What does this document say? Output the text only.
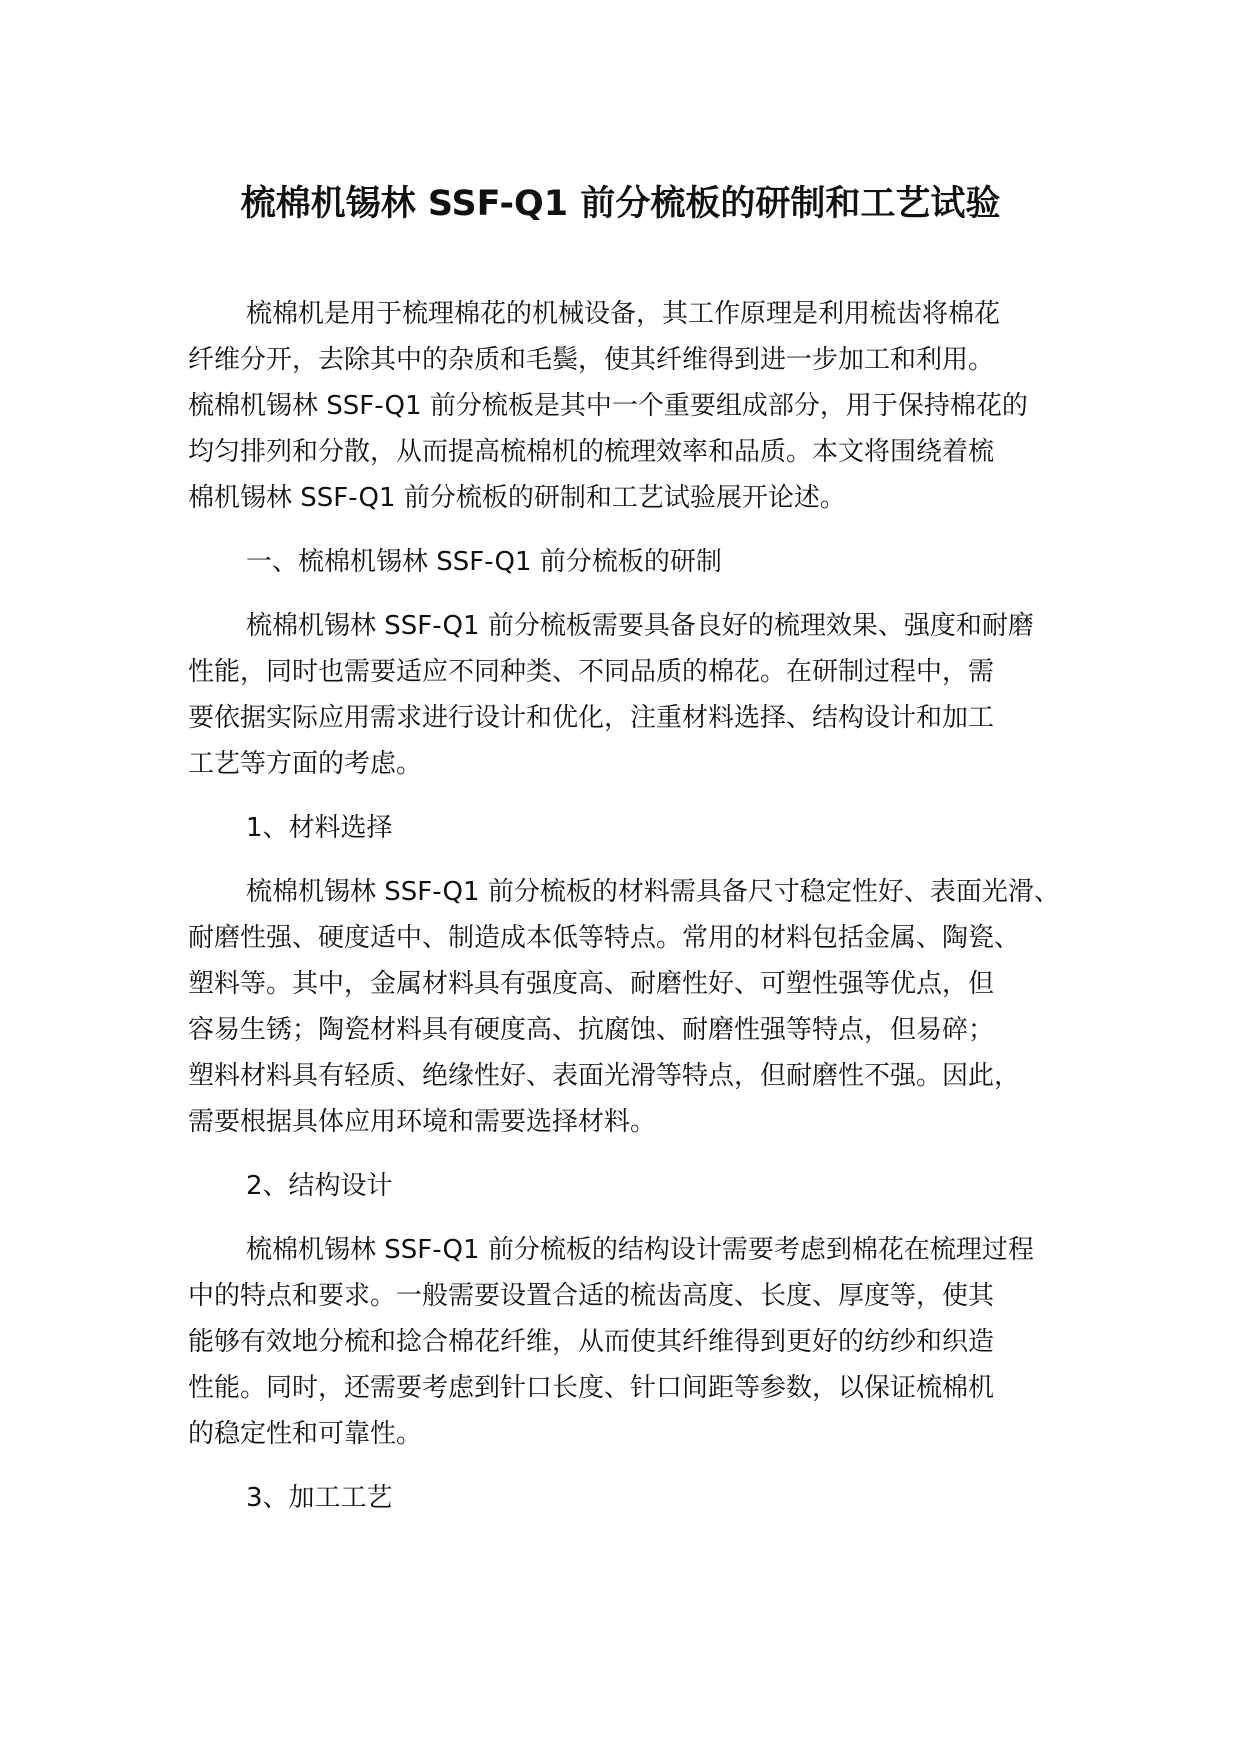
梳棉机锡林 SSF-Q1 前分梳板的研制和工艺试验
梳棉机是用于梳理棉花的机械设备，其工作原理是利用梳齿将棉花
纤维分开，去除其中的杂质和毛鬓，使其纤维得到进一步加工和利用。
梳棉机锡林 SSF-Q1 前分梳板是其中一个重要组成部分，用于保持棉花的
均匀排列和分散，从而提高梳棉机的梳理效率和品质。本文将围绕着梳
棉机锡林 SSF-Q1 前分梳板的研制和工艺试验展开论述。
一、梳棉机锡林 SSF-Q1 前分梳板的研制
梳棉机锡林 SSF-Q1 前分梳板需要具备良好的梳理效果、强度和耐磨
性能，同时也需要适应不同种类、不同品质的棉花。在研制过程中，需
要依据实际应用需求进行设计和优化，注重材料选择、结构设计和加工
工艺等方面的考虑。
1、材料选择
梳棉机锡林 SSF-Q1 前分梳板的材料需具备尺寸稳定性好、表面光滑、
耐磨性强、硬度适中、制造成本低等特点。常用的材料包括金属、陶瓷、
塑料等。其中，金属材料具有强度高、耐磨性好、可塑性强等优点，但
容易生锈；陶瓷材料具有硬度高、抗腐蚀、耐磨性强等特点，但易碎；
塑料材料具有轻质、绝缘性好、表面光滑等特点，但耐磨性不强。因此，
需要根据具体应用环境和需要选择材料。
2、结构设计
梳棉机锡林 SSF-Q1 前分梳板的结构设计需要考虑到棉花在梳理过程
中的特点和要求。一般需要设置合适的梳齿高度、长度、厚度等，使其
能够有效地分梳和捻合棉花纤维，从而使其纤维得到更好的纺纱和织造
性能。同时，还需要考虑到针口长度、针口间距等参数，以保证梳棉机
的稳定性和可靠性。
3、加工工艺
